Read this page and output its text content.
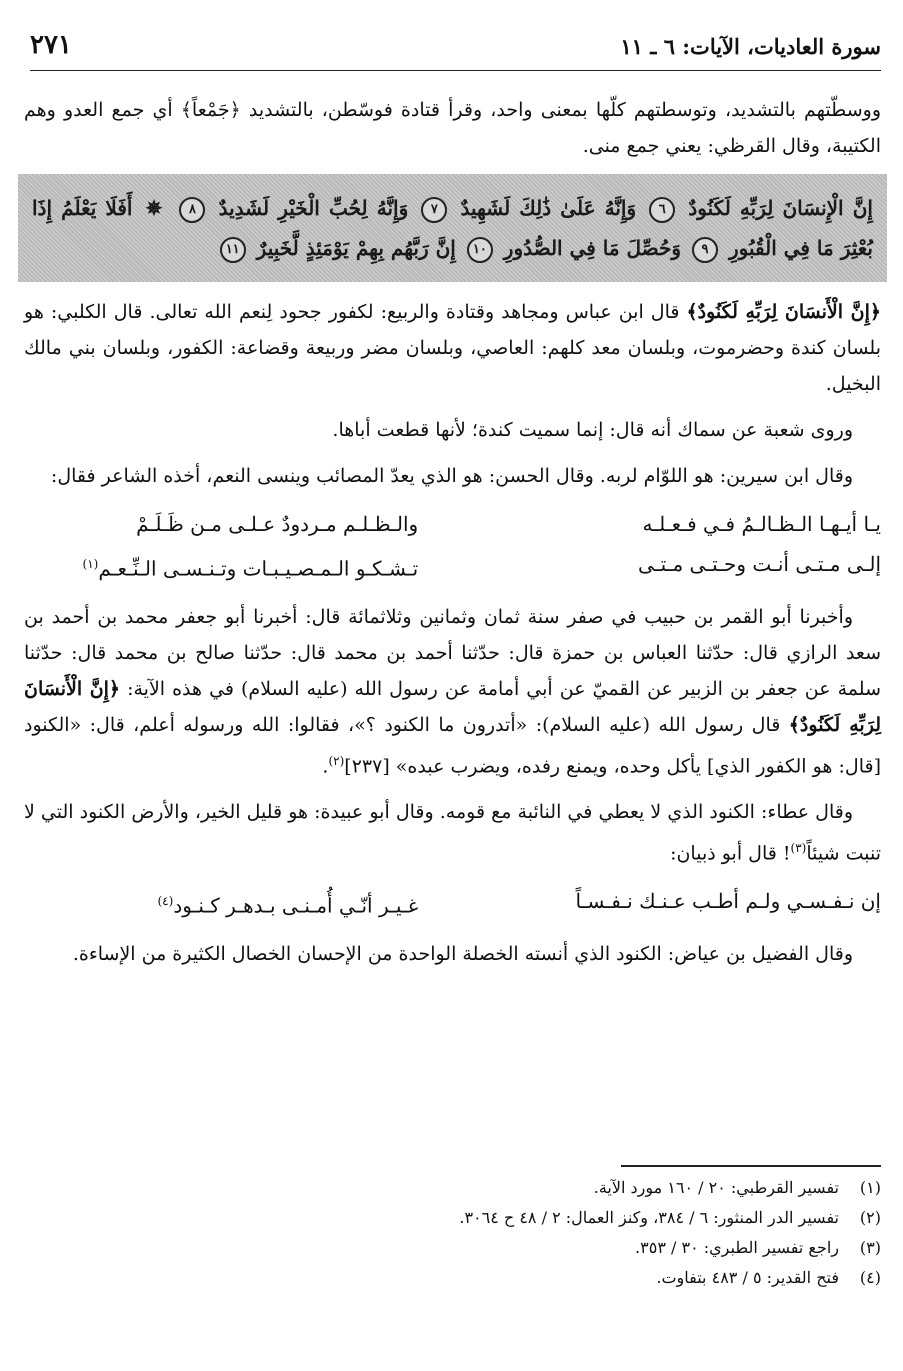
سورة العاديات، الآيات: ٦ ـ ١١
٢٧١

ووسطّتهم بالتشديد، وتوسطتهم كلّها بمعنى واحد، وقرأ قتادة فوسّطن، بالتشديد ﴿جَمْعاً﴾ أي جمع العدو وهم الكتيبة، وقال القرظي: يعني جمع منى.

إِنَّ الْإِنسَانَ لِرَبِّهِ لَكَنُودٌ ٦ وَإِنَّهُ عَلَىٰ ذَٰلِكَ لَشَهِيدٌ ٧ وَإِنَّهُ لِحُبِّ الْخَيْرِ لَشَدِيدٌ ٨ ✵ أَفَلَا يَعْلَمُ إِذَا بُعْثِرَ مَا فِي الْقُبُورِ ٩ وَحُصِّلَ مَا فِي الصُّدُورِ ١٠ إِنَّ رَبَّهُم بِهِمْ يَوْمَئِذٍ لَّخَبِيرٌ ١١

﴿إِنَّ الْأَنسَانَ لِرَبِّهِ لَكَنُودٌ﴾ قال ابن عباس ومجاهد وقتادة والربيع: لكفور جحود لِنعم الله تعالى. قال الكلبي: هو بلسان كندة وحضرموت، وبلسان معد كلهم: العاصي، وبلسان مضر وربيعة وقضاعة: الكفور، وبلسان بني مالك البخيل.

وروى شعبة عن سماك أنه قال: إنما سميت كندة؛ لأنها قطعت أباها.

وقال ابن سيرين: هو اللوّام لربه. وقال الحسن: هو الذي يعدّ المصائب وينسى النعم، أخذه الشاعر فقال:

يـا أيـهـا الـظـالـمُ فـي فـعـلـه
والـظـلـم مـردودٌ عـلـى مـن ظَـلَـمْ
إلـى مـتـى أنـت وحـتـى مـتـى
تـشـكـو الـمـصـيـبـات وتـنـسـى الـنِّـعـم$^{(١)}$

وأخبرنا أبو القمر بن حبيب في صفر سنة ثمان وثمانين وثلاثمائة قال: أخبرنا أبو جعفر محمد بن أحمد بن سعد الرازي قال: حدّثنا العباس بن حمزة قال: حدّثنا أحمد بن محمد قال: حدّثنا صالح بن محمد قال: حدّثنا سلمة عن جعفر بن الزبير عن القميّ عن أبي أمامة عن رسول الله (عليه السلام) في هذه الآية: ﴿إِنَّ الْأَنسَانَ لِرَبِّهِ لَكَنُودٌ﴾ قال رسول الله (عليه السلام): «أتدرون ما الكنود ؟»، فقالوا: الله ورسوله أعلم، قال: «الكنود [قال: هو الكفور الذي] يأكل وحده، ويمنع رفده، ويضرب عبده» [٢٣٧]$^{(٢)}$.

وقال عطاء: الكنود الذي لا يعطي في النائبة مع قومه. وقال أبو عبيدة: هو قليل الخير، والأرض الكنود التي لا تنبت شيئاً$^{(٣)}$! قال أبو ذبيان:

إن نـفـسـي ولـم أطـب عـنـك نـفـسـاً
غـيـر أنّـي أُمـنـى بـدهـر كـنـود$^{(٤)}$

وقال الفضيل بن عياض: الكنود الذي أنسته الخصلة الواحدة من الإحسان الخصال الكثيرة من الإساءة.

(١)
تفسير القرطبي: ٢٠ / ١٦٠ مورد الآية.
(٢)
تفسير الدر المنثور: ٦ / ٣٨٤، وكنز العمال: ٢ / ٤٨ ح ٣٠٦٤.
(٣)
راجع تفسير الطبري: ٣٠ / ٣٥٣.
(٤)
فتح القدير: ٥ / ٤٨٣ بتفاوت.
